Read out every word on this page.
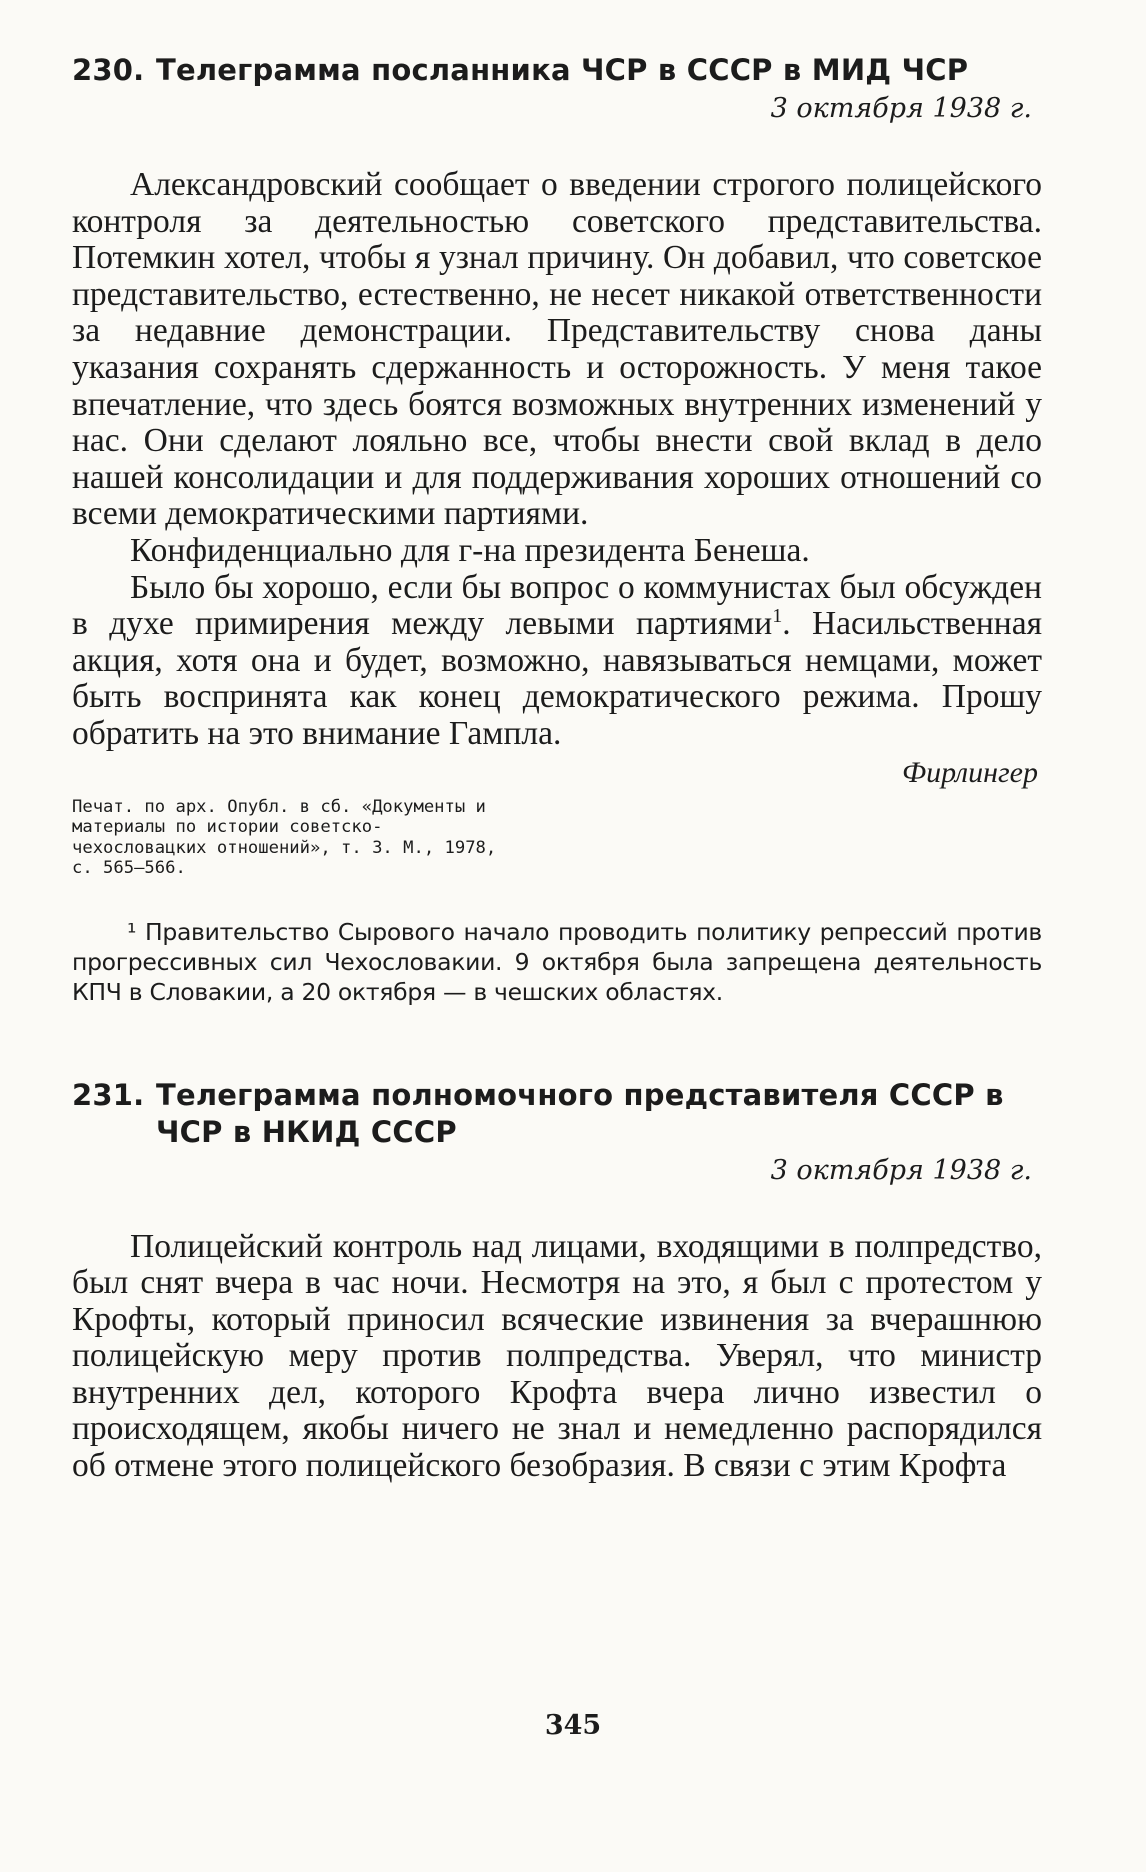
230. Телеграмма посланника ЧСР в СССР в МИД ЧСР
3 октября 1938 г.

Александровский сообщает о введении строгого полицейского контроля за деятельностью советского представительства. Потемкин хотел, чтобы я узнал причину. Он добавил, что советское представительство, естественно, не несет никакой ответственности за недавние демонстрации. Представительству снова даны указания сохранять сдержанность и осторожность. У меня такое впечатление, что здесь боятся возможных внутренних изменений у нас. Они сделают лояльно все, чтобы внести свой вклад в дело нашей консолидации и для поддерживания хороших отношений со всеми демократическими партиями.

Конфиденциально для г-на президента Бенеша.

Было бы хорошо, если бы вопрос о коммунистах был обсужден в духе примирения между левыми партиями$^1$. Насильственная акция, хотя она и будет, возможно, навязываться немцами, может быть воспринята как конец демократического режима. Прошу обратить на это внимание Гампла.

Фирлингер
Печат. по арх. Опубл. в сб. «Документы и материалы по истории советско-чехословацких отношений», т. 3. М., 1978, с. 565—566.
¹ Правительство Сырового начало проводить политику репрессий против прогрессивных сил Чехословакии. 9 октября была запрещена деятельность КПЧ в Словакии, а 20 октября — в чешских областях.
231. Телеграмма полномочного представителя СССР в ЧСР в НКИД СССР
3 октября 1938 г.

Полицейский контроль над лицами, входящими в полпредство, был снят вчера в час ночи. Несмотря на это, я был с протестом у Крофты, который приносил всяческие извинения за вчерашнюю полицейскую меру против полпредства. Уверял, что министр внутренних дел, которого Крофта вчера лично известил о происходящем, якобы ничего не знал и немедленно распорядился об отмене этого полицейского безобразия. В связи с этим Крофта

345
